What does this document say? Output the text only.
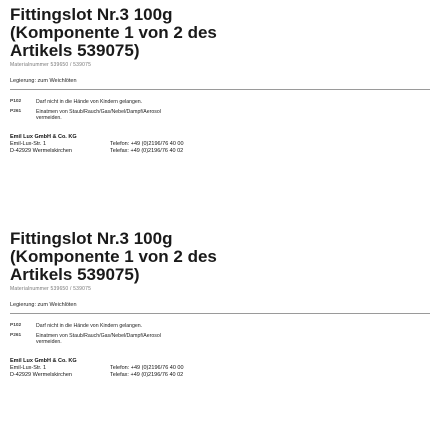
Fittingslot Nr.3 100g
(Komponente 1 von 2 des
Artikels 539075)
Materialnummer 539650 / 539075
Legierung: zum Weichlöten
P102	Darf nicht in die Hände von Kindern gelangen.
P261	Einatmen von Staub/Rauch/Gas/Nebel/Dampf/Aerosol vermeiden.
Emil Lux GmbH & Co. KG
Emil-Lux-Str. 1	Telefon: +49 (0)2196/76 40 00
D-42929 Wermelskirchen	Telefax: +49 (0)2196/76 40 02
Fittingslot Nr.3 100g
(Komponente 1 von 2 des
Artikels 539075)
Materialnummer 539650 / 539075
Legierung: zum Weichlöten
P102	Darf nicht in die Hände von Kindern gelangen.
P261	Einatmen von Staub/Rauch/Gas/Nebel/Dampf/Aerosol vermeiden.
Emil Lux GmbH & Co. KG
Emil-Lux-Str. 1	Telefon: +49 (0)2196/76 40 00
D-42929 Wermelskirchen	Telefax: +49 (0)2196/76 40 02
